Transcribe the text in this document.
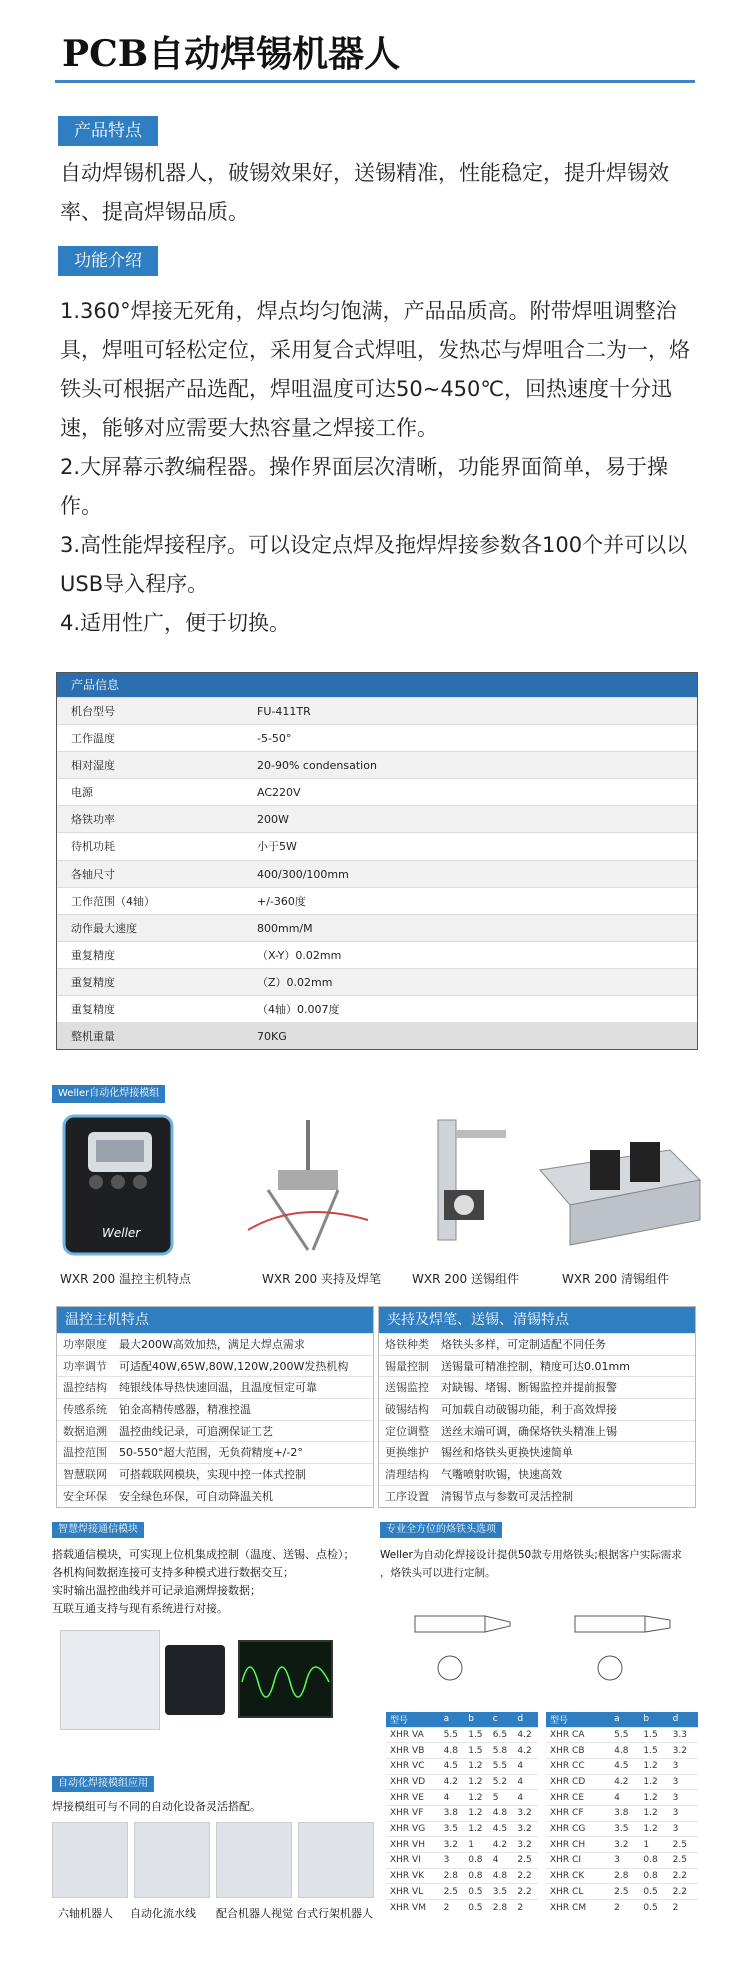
PCB自动焊锡机器人
产品特点
自动焊锡机器人，破锡效果好，送锡精准，性能稳定，提升焊锡效率、提高焊锡品质。
功能介绍
1.360°焊接无死角，焊点均匀饱满，产品品质高。附带焊咀调整治具，焊咀可轻松定位，采用复合式焊咀，发热芯与焊咀合二为一，烙铁头可根据产品选配，焊咀温度可达50~450℃，回热速度十分迅速，能够对应需要大热容量之焊接工作。
2.大屏幕示教编程器。操作界面层次清晰，功能界面简单，易于操作。
3.高性能焊接程序。可以设定点焊及拖焊焊接参数各100个并可以以USB导入程序。
4.适用性广，便于切换。
产品信息
机台型号	FU-411TR
工作温度	-5-50°
相对湿度	20-90% condensation
电源	AC220V
烙铁功率	200W
待机功耗	小于5W
各轴尺寸	400/300/100mm
工作范围（4轴）	+/-360度
动作最大速度	800mm/M
重复精度	（X-Y）0.02mm
重复精度	（Z）0.02mm
重复精度	（4轴）0.007度
整机重量	70KG
Weller自动化焊接模组
Weller
WXR 200 温控主机特点	WXR 200 夹持及焊笔	WXR 200 送锡组件	WXR 200 清锡组件
温控主机特点
功率限度	最大200W高效加热，满足大焊点需求
功率调节	可适配40W,65W,80W,120W,200W发热机构
温控结构	纯银线体导热快速回温，且温度恒定可靠
传感系统	铂金高精传感器，精准控温
数据追溯	温控曲线记录，可追溯保证工艺
温控范围	50-550°超大范围，无负荷精度+/-2°
智慧联网	可搭载联网模块，实现中控一体式控制
安全环保	安全绿色环保，可自动降温关机
夹持及焊笔、送锡、清锡特点
烙铁种类	烙铁头多样，可定制适配不同任务
锡量控制	送锡量可精准控制，精度可达0.01mm
送锡监控	对缺锡、堵锡、断锡监控并提前报警
破锡结构	可加载自动破锡功能，利于高效焊接
定位调整	送丝末端可调，确保烙铁头精准上锡
更换维护	锡丝和烙铁头更换快速简单
清理结构	气嘴喷射吹锡，快速高效
工序设置	清锡节点与参数可灵活控制
智慧焊接通信模块
搭载通信模块，可实现上位机集成控制（温度、送锡、点检）；
各机构间数据连接可支持多种模式进行数据交互；
实时输出温控曲线并可记录追溯焊接数据；
互联互通支持与现有系统进行对接。
专业全方位的烙铁头选项
Weller为自动化焊接设计提供50款专用烙铁头;根据客户实际需求
，烙铁头可以进行定制。
型号	a	b	c	d
XHR VA	5.5	1.5	6.5	4.2
XHR VB	4.8	1.5	5.8	4.2
XHR VC	4.5	1.2	5.5	4
XHR VD	4.2	1.2	5.2	4
XHR VE	4	1.2	5	4
XHR VF	3.8	1.2	4.8	3.2
XHR VG	3.5	1.2	4.5	3.2
XHR VH	3.2	1	4.2	3.2
XHR VI	3	0.8	4	2.5
XHR VK	2.8	0.8	4.8	2.2
XHR VL	2.5	0.5	3.5	2.2
XHR VM	2	0.5	2.8	2
型号	a	b	d
XHR CA	5.5	1.5	3.3
XHR CB	4.8	1.5	3.2
XHR CC	4.5	1.2	3
XHR CD	4.2	1.2	3
XHR CE	4	1.2	3
XHR CF	3.8	1.2	3
XHR CG	3.5	1.2	3
XHR CH	3.2	1	2.5
XHR CI	3	0.8	2.5
XHR CK	2.8	0.8	2.2
XHR CL	2.5	0.5	2.2
XHR CM	2	0.5	2
自动化焊接模组应用
焊接模组可与不同的自动化设备灵活搭配。
六轴机器人 自动化流水线 配合机器人视觉 台式行架机器人
